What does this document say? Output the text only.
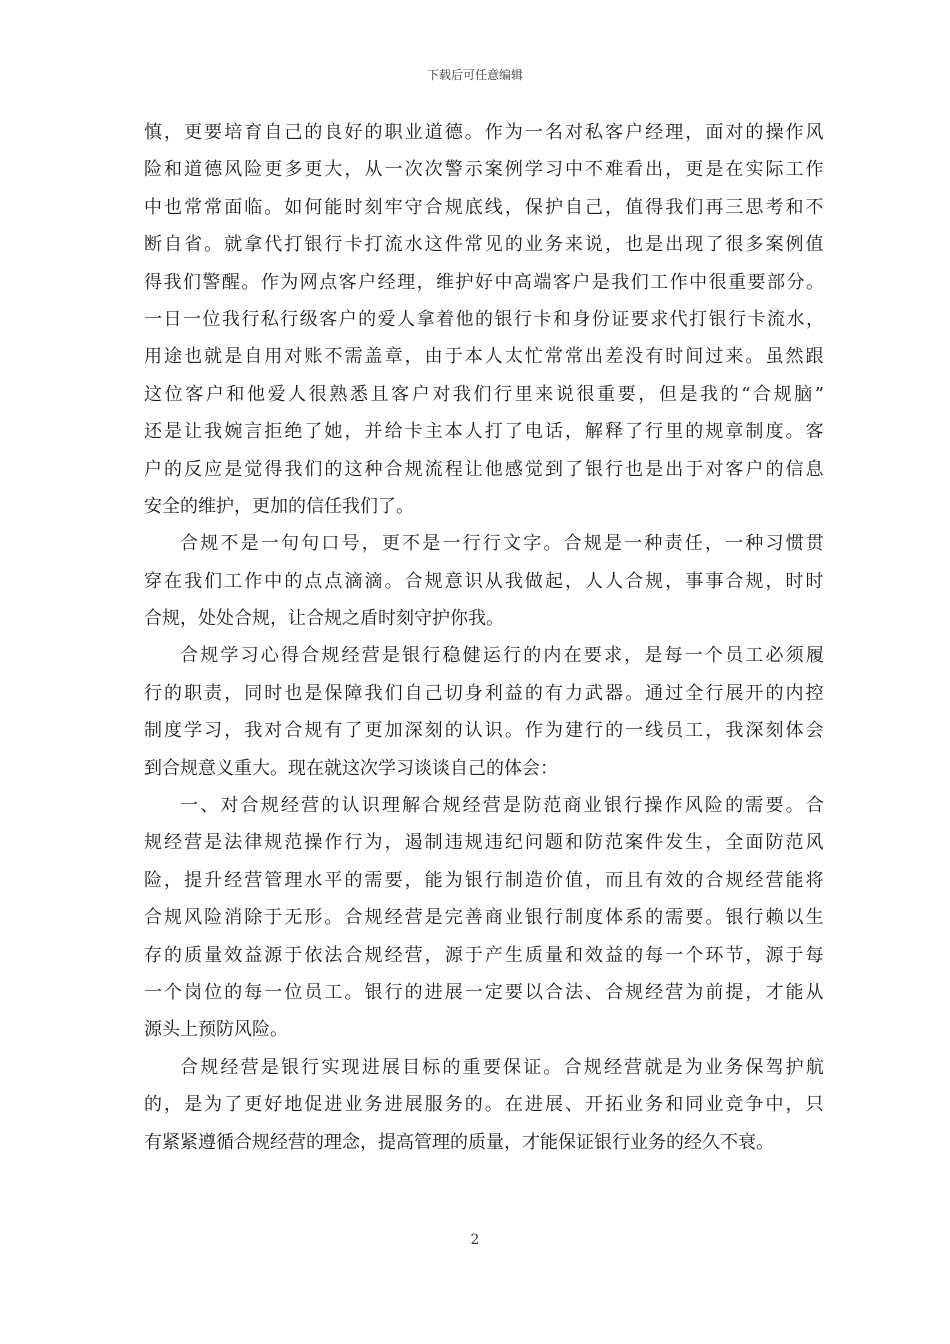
下载后可任意编辑
慎 ， 更 要 培 育 自 己 的 良 好 的 职 业 道 德 。 作 为 一 名 对 私 客 户 经 理 ， 面 对 的 操 作 风
险 和 道 德 风 险 更 多 更 大 ， 从 一 次 次 警 示 案 例 学 习 中 不 难 看 出 ， 更 是 在 实 际 工 作
中 也 常 常 面 临 。 如 何 能 时 刻 牢 守 合 规 底 线 ， 保 护 自 己 ， 值 得 我 们 再 三 思 考 和 不
断 自 省 。 就 拿 代 打 银 行 卡 打 流 水 这 件 常 见 的 业 务 来 说 ， 也 是 出 现 了 很 多 案 例 值
得 我 们 警 醒 。 作 为 网 点 客 户 经 理 ， 维 护 好 中 高 端 客 户 是 我 们 工 作 中 很 重 要 部 分 。
一 日 一 位 我 行 私 行 级 客 户 的 爱 人 拿 着 他 的 银 行 卡 和 身 份 证 要 求 代 打 银 行 卡 流 水 ，
用 途 也 就 是 自 用 对 账 不 需 盖 章 ， 由 于 本 人 太 忙 常 常 出 差 没 有 时 间 过 来 。 虽 然 跟
这 位 客 户 和 他 爱 人 很 熟 悉 且 客 户 对 我 们 行 里 来 说 很 重 要 ， 但 是 我 的 “ 合 规 脑 ”
还 是 让 我 婉 言 拒 绝 了 她 ， 并 给 卡 主 本 人 打 了 电 话 ， 解 释 了 行 里 的 规 章 制 度 。 客
户 的 反 应 是 觉 得 我 们 的 这 种 合 规 流 程 让 他 感 觉 到 了 银 行 也 是 出 于 对 客 户 的 信 息
安全的维护，更加的信任我们了。
合 规 不 是 一 句 句 口 号 ， 更 不 是 一 行 行 文 字 。 合 规 是 一 种 责 任 ， 一 种 习 惯 贯
穿 在 我 们 工 作 中 的 点 点 滴 滴 。 合 规 意 识 从 我 做 起 ， 人 人 合 规 ， 事 事 合 规 ， 时 时
合规，处处合规，让合规之盾时刻守护你我。
合 规 学 习 心 得 合 规 经 营 是 银 行 稳 健 运 行 的 内 在 要 求 ， 是 每 一 个 员 工 必 须 履
行 的 职 责 ， 同 时 也 是 保 障 我 们 自 己 切 身 利 益 的 有 力 武 器 。 通 过 全 行 展 开 的 内 控
制 度 学 习 ， 我 对 合 规 有 了 更 加 深 刻 的 认 识 。 作 为 建 行 的 一 线 员 工 ， 我 深 刻 体 会
到合规意义重大。现在就这次学习谈谈自己的体会：
一 、 对 合 规 经 营 的 认 识 理 解 合 规 经 营 是 防 范 商 业 银 行 操 作 风 险 的 需 要 。 合
规 经 营 是 法 律 规 范 操 作 行 为 ， 遏 制 违 规 违 纪 问 题 和 防 范 案 件 发 生 ， 全 面 防 范 风
险 ， 提 升 经 营 管 理 水 平 的 需 要 ， 能 为 银 行 制 造 价 值 ， 而 且 有 效 的 合 规 经 营 能 将
合 规 风 险 消 除 于 无 形 。 合 规 经 营 是 完 善 商 业 银 行 制 度 体 系 的 需 要 。 银 行 赖 以 生
存 的 质 量 效 益 源 于 依 法 合 规 经 营 ， 源 于 产 生 质 量 和 效 益 的 每 一 个 环 节 ， 源 于 每
一 个 岗 位 的 每 一 位 员 工 。 银 行 的 进 展 一 定 要 以 合 法 、 合 规 经 营 为 前 提 ， 才 能 从
源头上预防风险。
合 规 经 营 是 银 行 实 现 进 展 目 标 的 重 要 保 证 。 合 规 经 营 就 是 为 业 务 保 驾 护 航
的 ， 是 为 了 更 好 地 促 进 业 务 进 展 服 务 的 。 在 进 展 、 开 拓 业 务 和 同 业 竞 争 中 ， 只
有紧紧遵循合规经营的理念，提高管理的质量，才能保证银行业务的经久不衰。
2
